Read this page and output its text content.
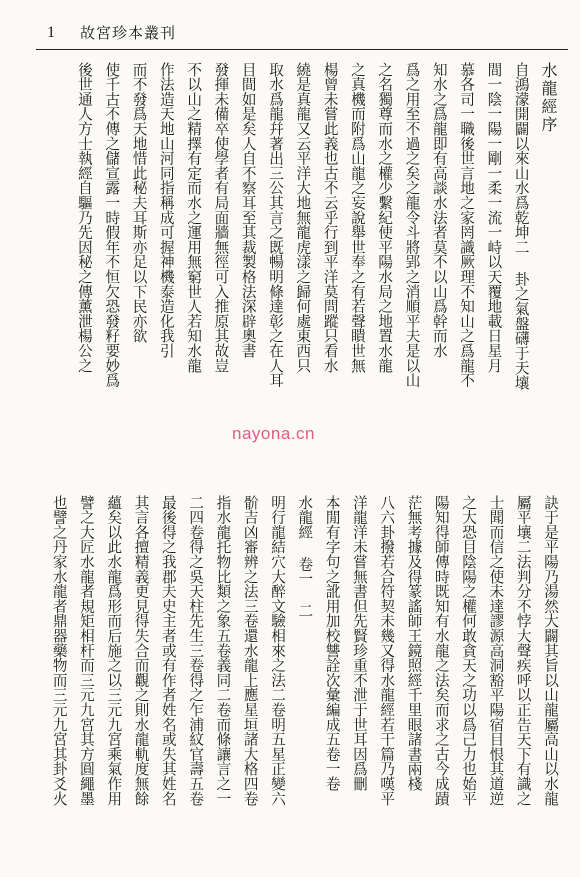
1 故宮珍本叢刊
水龍經序
自鴻濛開闢以來山水爲乾坤二 卦之氣盤礴于天壤
間一陰一陽一剛一柔一流一峙以天覆地載日星月
慕各司一職後世言地之家罔識厥理不知山之爲龍不
知水之爲龍即有高談水法者莫不以山爲幹而水
爲之用至不過之矣之龍令斗將郢之消順平夫是以山
之名獨尊而水之權少繫紀使平陽水局之地置水龍
之真機而附爲山龍之妄說舉世奉之有若聲瞶世無
楊曾未嘗此義也古不云乎行到平洋莫問蹤只看水
繞是真龍又云平洋大地無龍虎漾之歸何處東西只
取水爲龍幷著出三公其言之既暢明條達彰之在人耳
目間如是矣人自不察耳至其裁製格法深辟奧書
發揮未備卒使學者有局面牆無徑可入推原其故豈
不以山之精擇有定而水之運用無窮世人若知水龍
作法造天地山河同指稱成可握神機泰造化我引
而不發爲天地惜此秘夫耳斯亦足以下民亦欲
使千古不傳之儲宣露一時假年不恒欠恐發籽要妙爲
後世通人方士執經自驅乃先因秘之傳薰泄楊公之
nayona.cn
訣于是平陽乃湯然大闢其旨以山龍屬高山以水龍
屬平壤二法判分不悖大聲疾呼以正告天下有識之
士聞而信之使未達謬源高洞豁平陽宿目恨其道逆
之大恐目陰陽之權何敢貪天之功以爲己力也始平
陽知得師傳時既知有水龍之法矣而求之古今成蹟
茫無考據及得篆謠師王鏡照經千里眼諸書兩棧
八六卦撥若合符契未幾又得水龍經若干篇乃嘆平
洋龍洋未嘗無書但先賢珍重不泄于世耳因爲刪
本閒有字句之訛用加校讐詮次彙編成五卷一卷
水龍經 卷一 二
明行龍結穴大醉文驗相來之法二卷明五星正變六
骱吉凶審辨之法三卷還水龍上應星垣諸大格四卷
指水龍托物比類之象五卷義同二卷而條讓言之一
二四卷得之吳天柱先生三卷得之乍浦紋官壽五卷
最後得之我郡夫史主者或有作者姓名或失其姓名
其言各擅精義更見得失合而觀之則水龍軌度無餘
蘊矣以此水龍爲形而后施之以三元九宮乘氣作用
譬之大匠水龍者規矩相杆而三元九宮其方圓繩墨
也譬之丹家水龍者鼎器藥物而三元九宮其卦爻火
